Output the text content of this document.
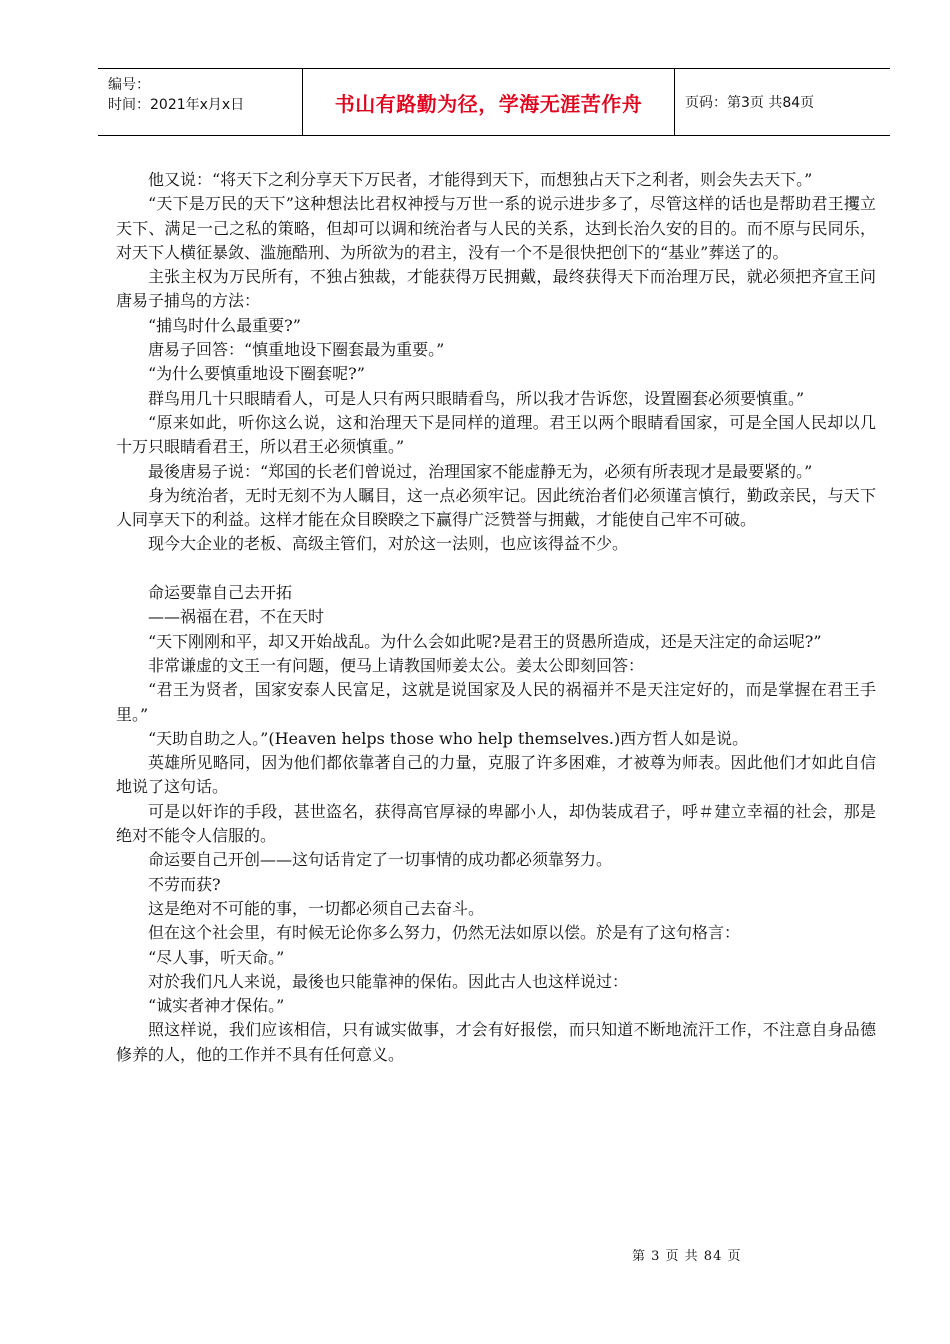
编号：
时间：2021年x月x日	书山有路勤为径，学海无涯苦作舟	页码：第3页 共84页

他又说：“将天下之利分享天下万民者，才能得到天下，而想独占天下之利者，则会失去天下。”

“天下是万民的天下”这种想法比君权神授与万世一系的说示进步多了，尽管这样的话也是帮助君王攫立天下、满足一己之私的策略，但却可以调和统治者与人民的关系，达到长治久安的目的。而不原与民同乐，对天下人横征暴敛、滥施酷刑、为所欲为的君主，没有一个不是很快把创下的“基业”葬送了的。

主张主权为万民所有，不独占独裁，才能获得万民拥戴，最终获得天下而治理万民，就必须把齐宣王问唐易子捕鸟的方法：

“捕鸟时什么最重要?”

唐易子回答：“慎重地设下圈套最为重要。”

“为什么要慎重地设下圈套呢?”

群鸟用几十只眼睛看人，可是人只有两只眼睛看鸟，所以我才告诉您，设置圈套必须要慎重。”

“原来如此，听你这么说，这和治理天下是同样的道理。君王以两个眼睛看国家，可是全国人民却以几十万只眼睛看君王，所以君王必须慎重。”

最後唐易子说：“郑国的长老们曾说过，治理国家不能虚静无为，必须有所表现才是最要紧的。”

身为统治者，无时无刻不为人瞩目，这一点必须牢记。因此统治者们必须谨言慎行，勤政亲民，与天下人同享天下的利益。这样才能在众目睽睽之下赢得广泛赞誉与拥戴，才能使自己牢不可破。

现今大企业的老板、高级主管们，对於这一法则，也应该得益不少。

命运要靠自己去开拓

——祸福在君，不在天时

“天下刚刚和平，却又开始战乱。为什么会如此呢?是君王的贤愚所造成，还是天注定的命运呢?”

非常谦虚的文王一有问题，便马上请教国师姜太公。姜太公即刻回答：

“君王为贤者，国家安泰人民富足，这就是说国家及人民的祸福并不是天注定好的，而是掌握在君王手里。”

“天助自助之人。”(Heaven helps those who help themselves.)西方哲人如是说。

英雄所见略同，因为他们都依靠著自己的力量，克服了许多困难，才被尊为师表。因此他们才如此自信地说了这句话。

可是以奸诈的手段，甚世盗名，获得高官厚禄的卑鄙小人，却伪装成君子，呼＃建立幸福的社会，那是绝对不能令人信服的。

命运要自己开创——这句话肯定了一切事情的成功都必须靠努力。

不劳而获?

这是绝对不可能的事，一切都必须自己去奋斗。

但在这个社会里，有时候无论你多么努力，仍然无法如原以偿。於是有了这句格言：

“尽人事，听天命。”

对於我们凡人来说，最後也只能靠神的保佑。因此古人也这样说过：

“诚实者神才保佑。”

照这样说，我们应该相信，只有诚实做事，才会有好报偿，而只知道不断地流汗工作，不注意自身品德修养的人，他的工作并不具有任何意义。

第 3 页 共 84 页
